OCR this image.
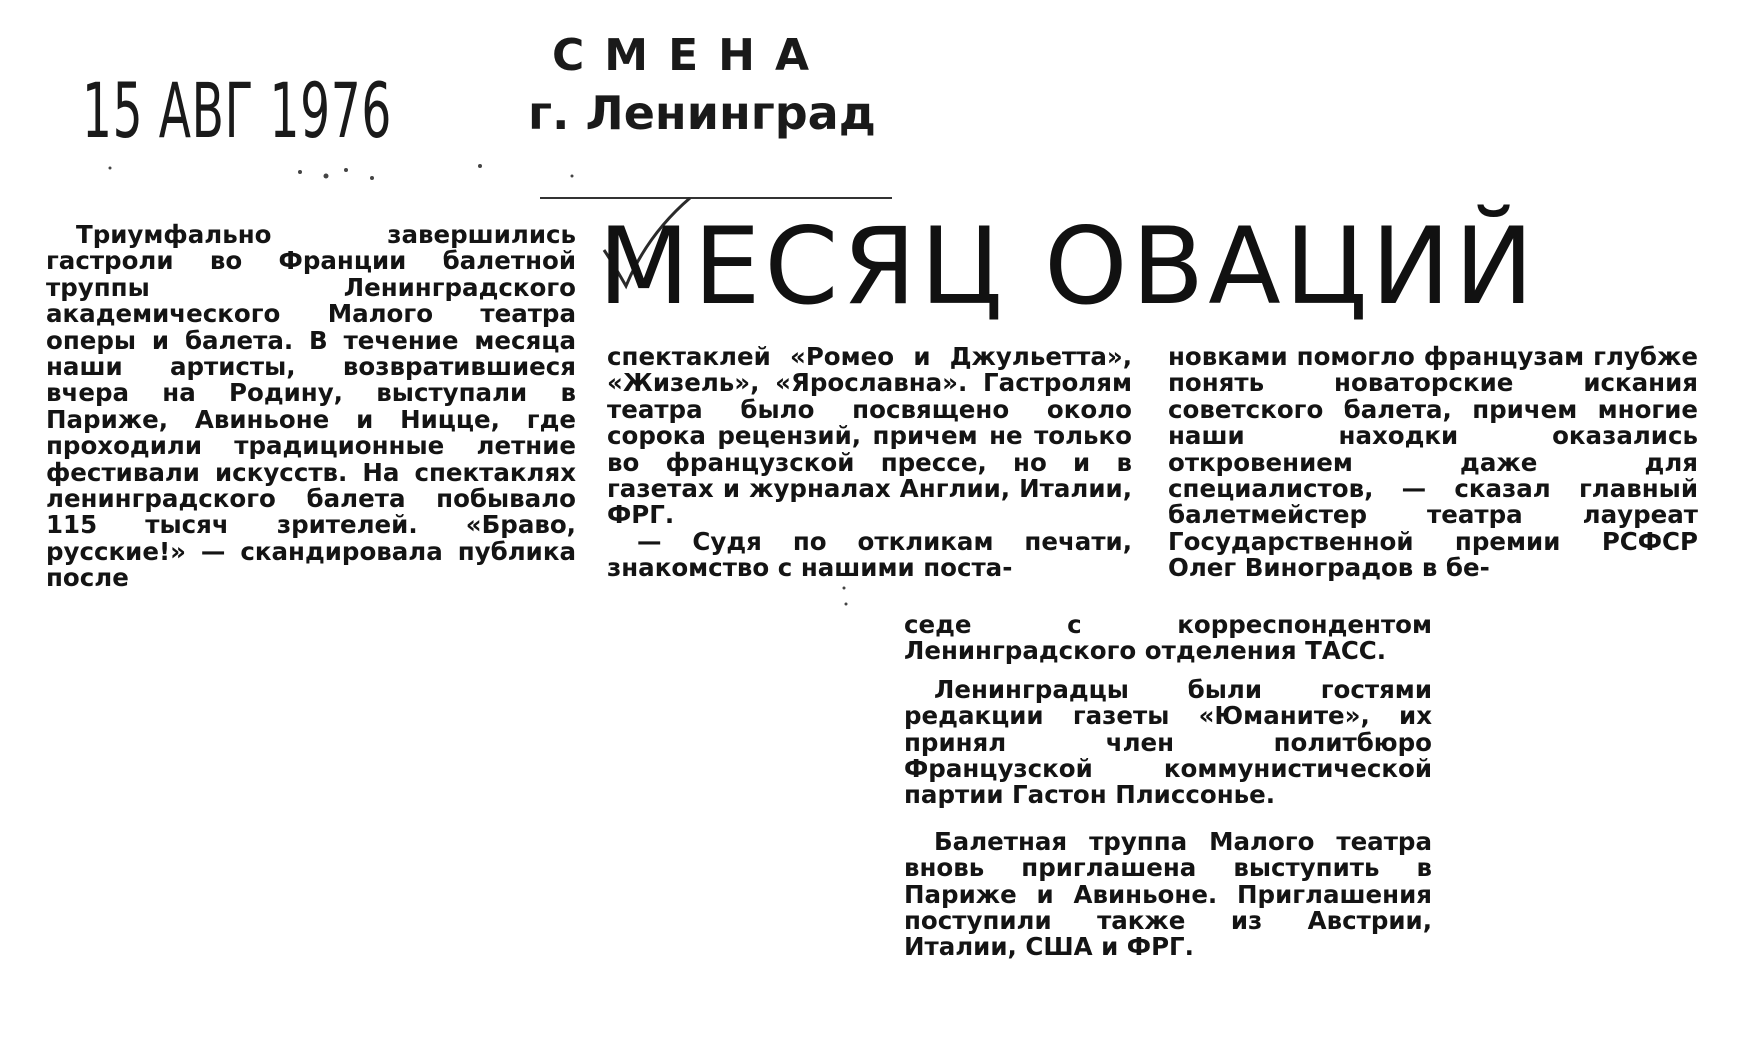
15 АВГ 1976
СМЕНА
г. Ленинград
МЕСЯЦ ОВАЦИЙ

Триумфально завершились гастроли во Франции балетной труппы Ленинградского академического Малого театра оперы и балета. В течение месяца наши артисты, возвратившиеся вчера на Родину, выступали в Париже, Авиньоне и Ницце, где проходили традиционные летние фестивали искусств. На спектаклях ленинградского балета побывало 115 тысяч зрителей. «Браво, русские!» — скандировала публика после

спектаклей «Ромео и Джульетта», «Жизель», «Ярославна». Гастролям театра было посвящено около сорока рецензий, причем не только во французской прессе, но и в газетах и журналах Англии, Италии, ФРГ.

— Судя по откликам печати, знакомство с нашими поста-

новками помогло французам глубже понять новаторские искания советского балета, причем многие наши находки оказались откровением даже для специалистов, — сказал главный балетмейстер театра лауреат Государственной премии РСФСР Олег Виноградов в бе-

седе с корреспондентом Ленинградского отделения ТАСС.

Ленинградцы были гостями редакции газеты «Юманите», их принял член политбюро Французской коммунистической партии Гастон Плиссонье.

Балетная труппа Малого театра вновь приглашена выступить в Париже и Авиньоне. Приглашения поступили также из Австрии, Италии, США и ФРГ.
